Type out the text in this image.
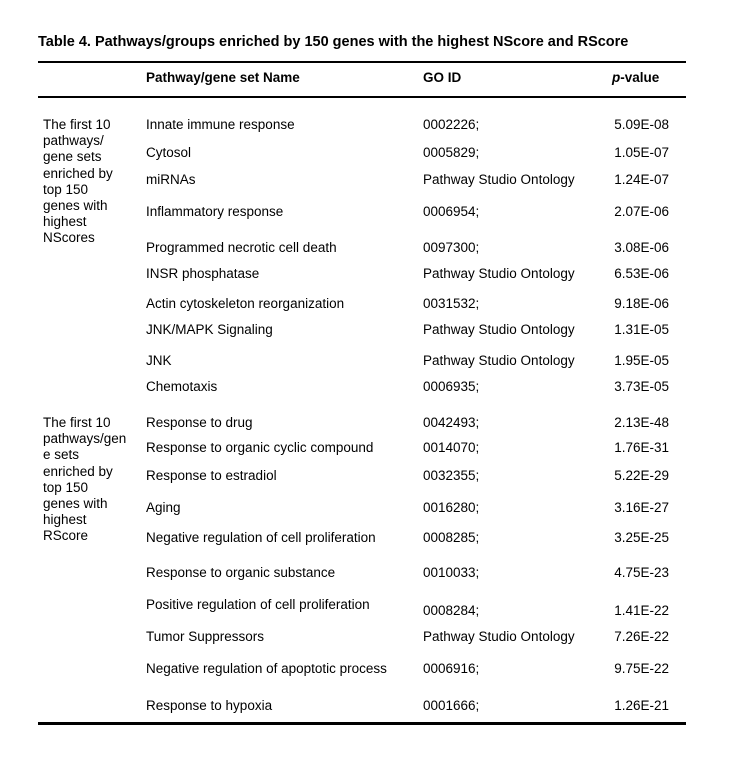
Table 4. Pathways/groups enriched by 150 genes with the highest NScore and RScore
Pathway/gene set Name	GO ID	p-value
The first 10
pathways/
gene sets
enriched by
top 150
genes with
highest
NScores
Innate immune response	0002226;	5.09E-08
Cytosol	0005829;	1.05E-07
miRNAs	Pathway Studio Ontology	1.24E-07
Inflammatory response	0006954;	2.07E-06
Programmed necrotic cell death	0097300;	3.08E-06
INSR phosphatase	Pathway Studio Ontology	6.53E-06
Actin cytoskeleton reorganization	0031532;	9.18E-06
JNK/MAPK Signaling	Pathway Studio Ontology	1.31E-05
JNK	Pathway Studio Ontology	1.95E-05
Chemotaxis	0006935;	3.73E-05
The first 10
pathways/gen
e sets
enriched by
top 150
genes with
highest
RScore
Response to drug	0042493;	2.13E-48
Response to organic cyclic compound	0014070;	1.76E-31
Response to estradiol	0032355;	5.22E-29
Aging	0016280;	3.16E-27
Negative regulation of cell proliferation	0008285;	3.25E-25
Response to organic substance	0010033;	4.75E-23
Positive regulation of cell proliferation	0008284;	1.41E-22
Tumor Suppressors	Pathway Studio Ontology	7.26E-22
Negative regulation of apoptotic process	0006916;	9.75E-22
Response to hypoxia	0001666;	1.26E-21
